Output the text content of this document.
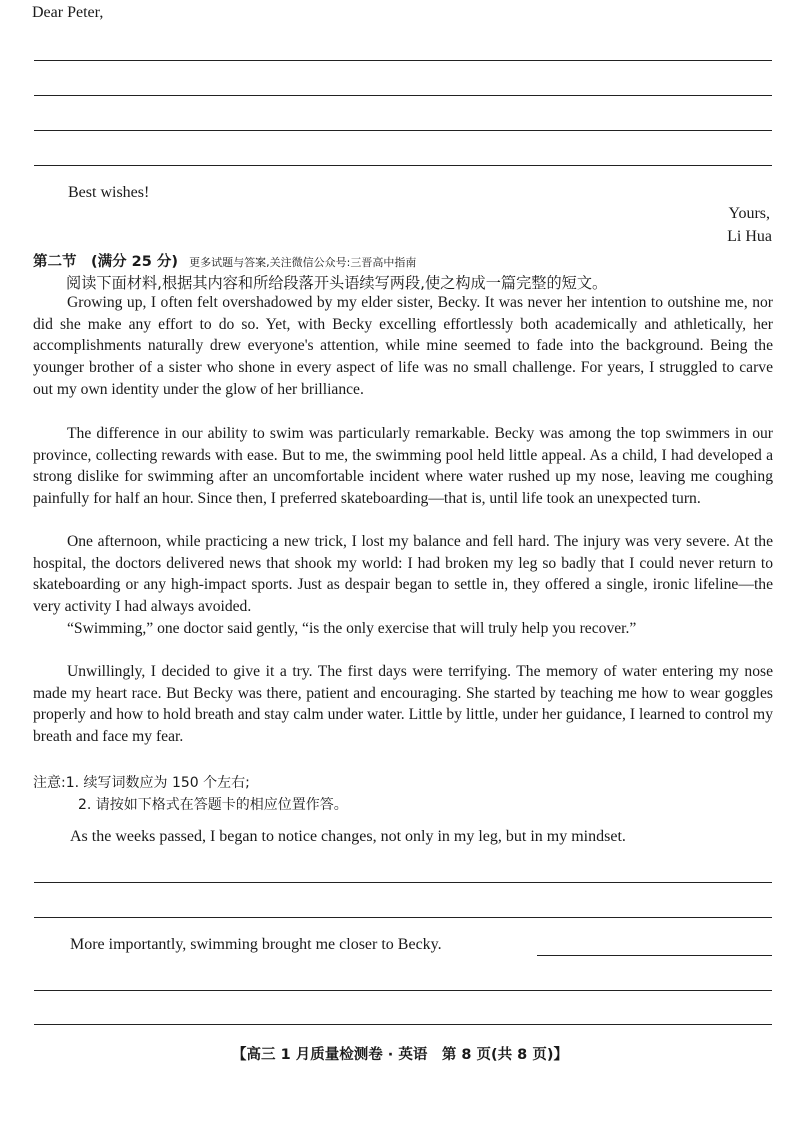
Dear Peter,
Best wishes!
Yours,
Li Hua
第二节　(满分 25 分) 更多试题与答案,关注微信公众号:三晋高中指南
阅读下面材料,根据其内容和所给段落开头语续写两段,使之构成一篇完整的短文。
Growing up, I often felt overshadowed by my elder sister, Becky. It was never her intention to outshine me, nor did she make any effort to do so. Yet, with Becky excelling effortlessly both academically and athletically, her accomplishments naturally drew everyone's attention, while mine seemed to fade into the background. Being the younger brother of a sister who shone in every aspect of life was no small challenge. For years, I struggled to carve out my own identity under the glow of her brilliance.
The difference in our ability to swim was particularly remarkable. Becky was among the top swimmers in our province, collecting rewards with ease. But to me, the swimming pool held little appeal. As a child, I had developed a strong dislike for swimming after an uncomfortable incident where water rushed up my nose, leaving me coughing painfully for half an hour. Since then, I preferred skateboarding—that is, until life took an unexpected turn.
One afternoon, while practicing a new trick, I lost my balance and fell hard. The injury was very severe. At the hospital, the doctors delivered news that shook my world: I had broken my leg so badly that I could never return to skateboarding or any high-impact sports. Just as despair began to settle in, they offered a single, ironic lifeline—the very activity I had always avoided.
“Swimming,” one doctor said gently, “is the only exercise that will truly help you recover.”
Unwillingly, I decided to give it a try. The first days were terrifying. The memory of water entering my nose made my heart race. But Becky was there, patient and encouraging. She started by teaching me how to wear goggles properly and how to hold breath and stay calm under water. Little by little, under her guidance, I learned to control my breath and face my fear.
注意:1. 续写词数应为 150 个左右;
2. 请按如下格式在答题卡的相应位置作答。
As the weeks passed, I began to notice changes, not only in my leg, but in my mindset.
More importantly, swimming brought me closer to Becky.
【高三 1 月质量检测卷 · 英语　第 8 页(共 8 页)】
